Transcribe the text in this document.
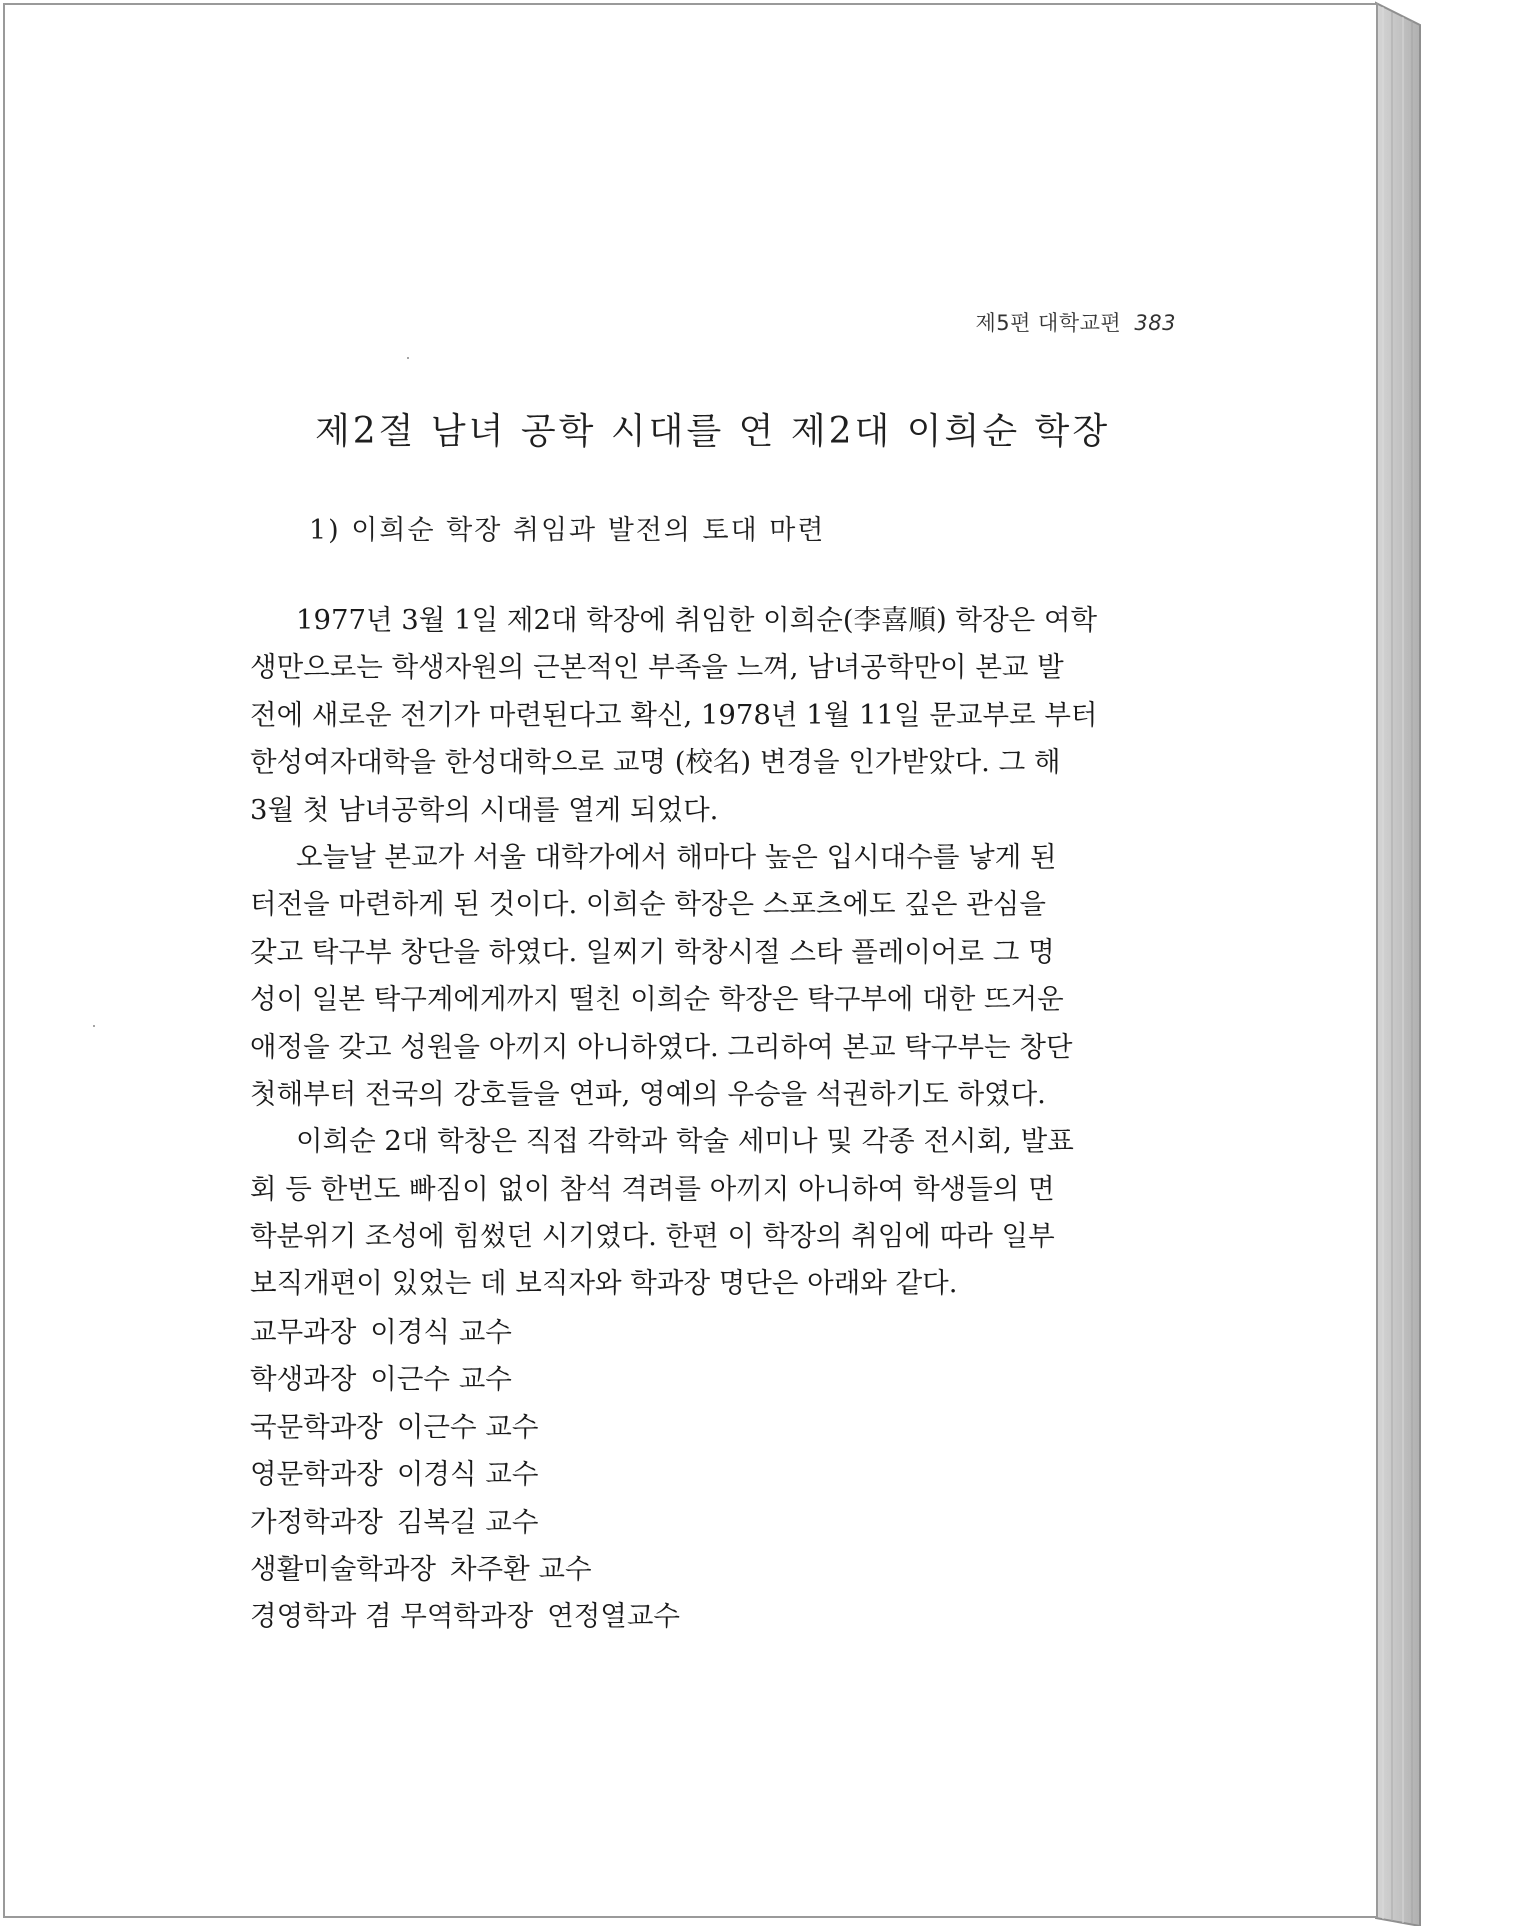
제5편 대학교편 383
제2절 남녀 공학 시대를 연 제2대 이희순 학장
1) 이희순 학장 취임과 발전의 토대 마련
1977년 3월 1일 제2대 학장에 취임한 이희순(李喜順) 학장은 여학
생만으로는 학생자원의 근본적인 부족을 느껴, 남녀공학만이 본교 발
전에 새로운 전기가 마련된다고 확신, 1978년 1월 11일 문교부로 부터
한성여자대학을 한성대학으로 교명 (校名) 변경을 인가받았다. 그 해
3월 첫 남녀공학의 시대를 열게 되었다.
오늘날 본교가 서울 대학가에서 해마다 높은 입시대수를 낳게 된
터전을 마련하게 된 것이다. 이희순 학장은 스포츠에도 깊은 관심을
갖고 탁구부 창단을 하였다. 일찌기 학창시절 스타 플레이어로 그 명
성이 일본 탁구계에게까지 떨친 이희순 학장은 탁구부에 대한 뜨거운
애정을 갖고 성원을 아끼지 아니하였다. 그리하여 본교 탁구부는 창단
첫해부터 전국의 강호들을 연파, 영예의 우승을 석권하기도 하였다.
이희순 2대 학창은 직접 각학과 학술 세미나 및 각종 전시회, 발표
회 등 한번도 빠짐이 없이 참석 격려를 아끼지 아니하여 학생들의 면
학분위기 조성에 힘썼던 시기였다. 한편 이 학장의 취임에 따라 일부
보직개편이 있었는 데 보직자와 학과장 명단은 아래와 같다.
교무과장 이경식 교수
학생과장 이근수 교수
국문학과장 이근수 교수
영문학과장 이경식 교수
가정학과장 김복길 교수
생활미술학과장 차주환 교수
경영학과 겸 무역학과장 연정열교수
